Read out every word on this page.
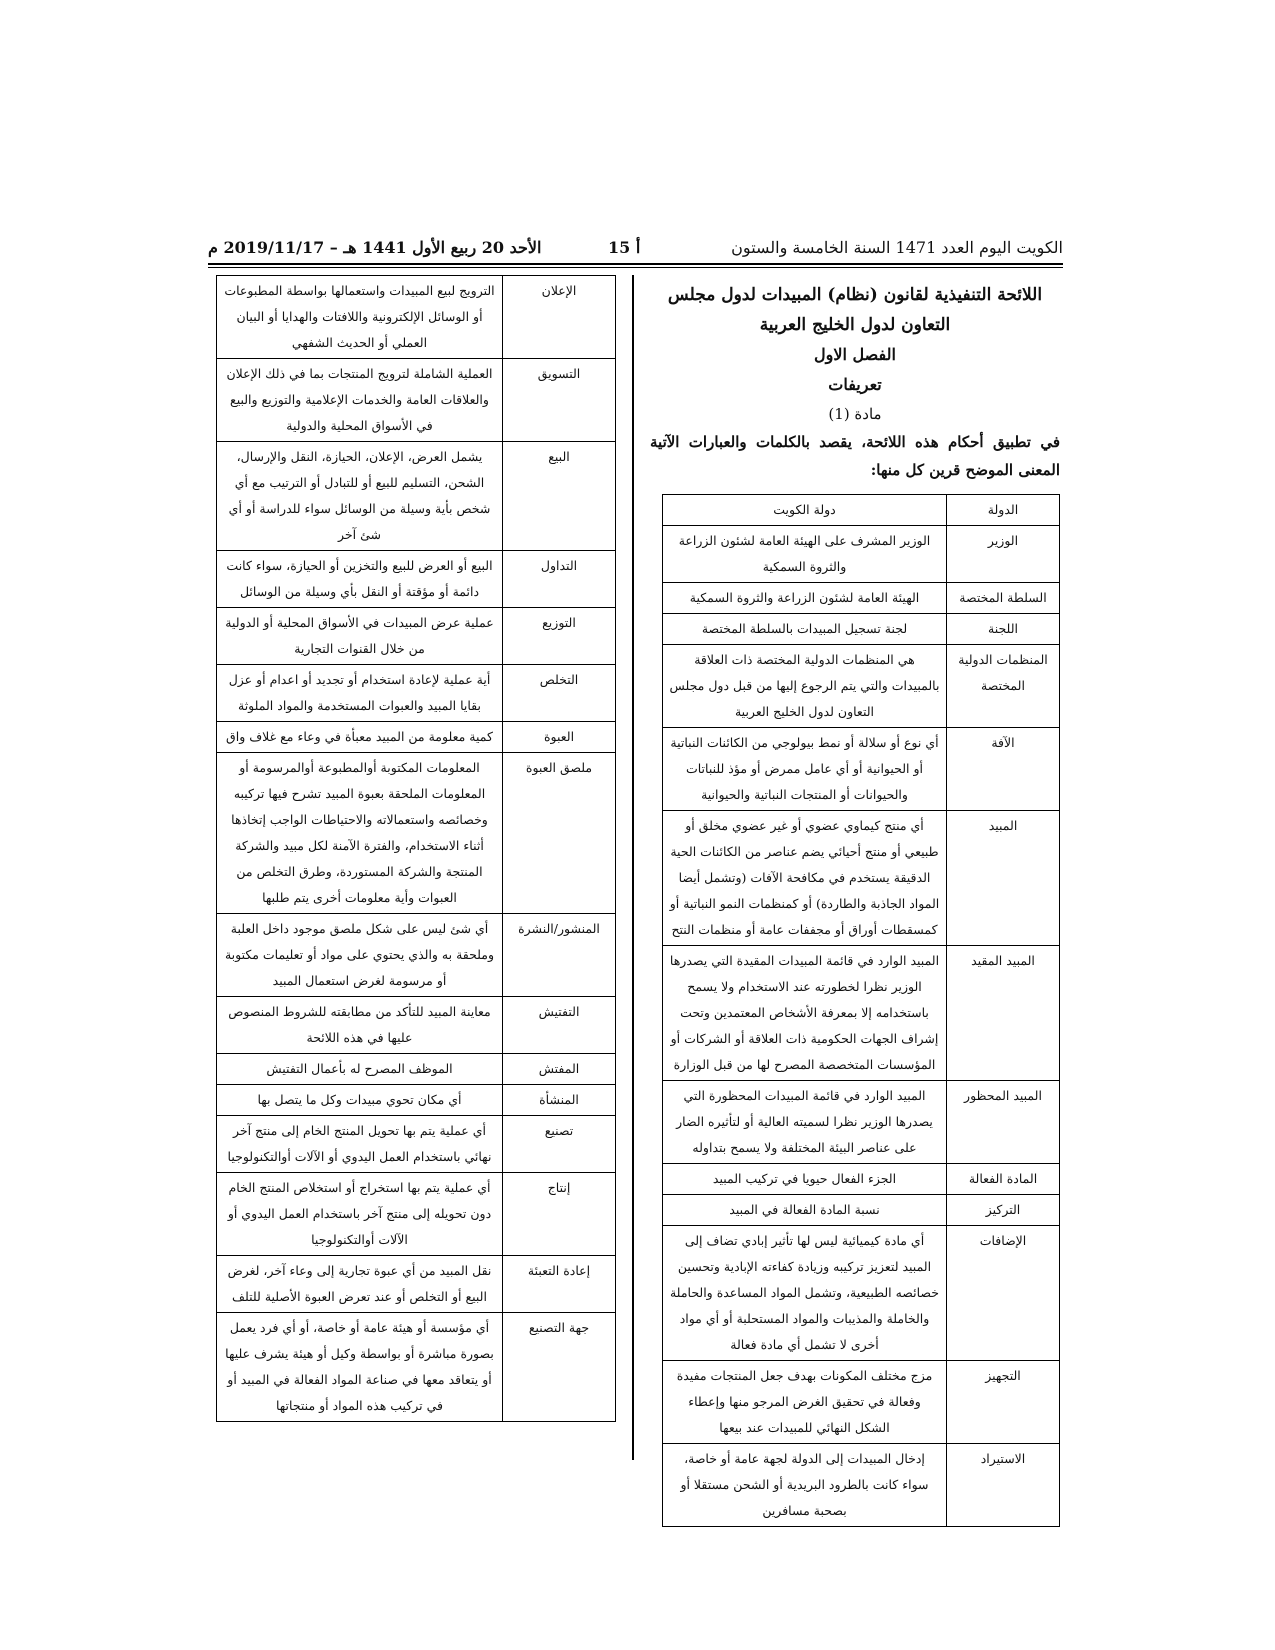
الكويت اليوم العدد 1471 السنة الخامسة والستون
أ 15
الأحد 20 ربيع الأول 1441 هـ – 2019/11/17 م

اللائحة التنفيذية لقانون (نظام) المبيدات لدول مجلس

التعاون لدول الخليج العربية

الفصل الاول

تعريفات

مادة (1)

في تطبيق أحكام هذه اللائحة، يقصد بالكلمات والعبارات الآتية المعنى الموضح قرين كل منها:

الدولة	دولة الكويت
الوزير	الوزير المشرف على الهيئة العامة لشئون الزراعة والثروة السمكية
السلطة المختصة	الهيئة العامة لشئون الزراعة والثروة السمكية
اللجنة	لجنة تسجيل المبيدات بالسلطة المختصة
المنظمات الدولية المختصة	هي المنظمات الدولية المختصة ذات العلاقة بالمبيدات والتي يتم الرجوع إليها من قبل دول مجلس التعاون لدول الخليج العربية
الآفة	أي نوع أو سلالة أو نمط بيولوجي من الكائنات النباتية أو الحيوانية أو أي عامل ممرض أو مؤذ للنباتات والحيوانات أو المنتجات النباتية والحيوانية
المبيد	أي منتج كيماوي عضوي أو غير عضوي مخلق أو طبيعي أو منتج أحيائي يضم عناصر من الكائنات الحية الدقيقة يستخدم في مكافحة الآفات (وتشمل أيضا المواد الجاذبة والطاردة) أو كمنظمات النمو النباتية أو كمسقطات أوراق أو مجففات عامة أو منظمات النتح
المبيد المقيد	المبيد الوارد في قائمة المبيدات المقيدة التي يصدرها الوزير نظرا لخطورته عند الاستخدام ولا يسمح باستخدامه إلا بمعرفة الأشخاص المعتمدين وتحت إشراف الجهات الحكومية ذات العلاقة أو الشركات أو المؤسسات المتخصصة المصرح لها من قبل الوزارة
المبيد المحظور	المبيد الوارد في قائمة المبيدات المحظورة التي يصدرها الوزير نظرا لسميته العالية أو لتأثيره الضار على عناصر البيئة المختلفة ولا يسمح بتداوله
المادة الفعالة	الجزء الفعال حيويا في تركيب المبيد
التركيز	نسبة المادة الفعالة في المبيد
الإضافات	أي مادة كيميائية ليس لها تأثير إبادي تضاف إلى المبيد لتعزيز تركيبه وزيادة كفاءته الإبادية وتحسين خصائصه الطبيعية، وتشمل المواد المساعدة والحاملة والخاملة والمذيبات والمواد المستحلبة أو أي مواد أخرى لا تشمل أي مادة فعالة
التجهيز	مزج مختلف المكونات بهدف جعل المنتجات مفيدة وفعالة في تحقيق الغرض المرجو منها وإعطاء الشكل النهائي للمبيدات عند بيعها
الاستيراد	إدخال المبيدات إلى الدولة لجهة عامة أو خاصة، سواء كانت بالطرود البريدية أو الشحن مستقلا أو بصحبة مسافرين
الإعلان	الترويج لبيع المبيدات واستعمالها بواسطة المطبوعات أو الوسائل الإلكترونية واللافتات والهدايا أو البيان العملي أو الحديث الشفهي
التسويق	العملية الشاملة لترويج المنتجات بما في ذلك الإعلان والعلاقات العامة والخدمات الإعلامية والتوزيع والبيع في الأسواق المحلية والدولية
البيع	يشمل العرض، الإعلان، الحيازة، النقل والإرسال، الشحن، التسليم للبيع أو للتبادل أو الترتيب مع أي شخص بأية وسيلة من الوسائل سواء للدراسة أو أي شئ آخر
التداول	البيع أو العرض للبيع والتخزين أو الحيازة، سواء كانت دائمة أو مؤقتة أو النقل بأي وسيلة من الوسائل
التوزيع	عملية عرض المبيدات في الأسواق المحلية أو الدولية من خلال القنوات التجارية
التخلص	أية عملية لإعادة استخدام أو تجديد أو اعدام أو عزل بقايا المبيد والعبوات المستخدمة والمواد الملوثة
العبوة	كمية معلومة من المبيد معبأة في وعاء مع غلاف واق
ملصق العبوة	المعلومات المكتوبة أوالمطبوعة أوالمرسومة أو المعلومات الملحقة بعبوة المبيد تشرح فيها تركيبه وخصائصه واستعمالاته والاحتياطات الواجب إتخاذها أثناء الاستخدام، والفترة الآمنة لكل مبيد والشركة المنتجة والشركة المستوردة، وطرق التخلص من العبوات وأية معلومات أخرى يتم طلبها
المنشور/النشرة	أي شئ ليس على شكل ملصق موجود داخل العلبة وملحقة به والذي يحتوي على مواد أو تعليمات مكتوبة أو مرسومة لغرض استعمال المبيد
التفتيش	معاينة المبيد للتأكد من مطابقته للشروط المنصوص عليها في هذه اللائحة
المفتش	الموظف المصرح له بأعمال التفتيش
المنشأة	أي مكان تحوي مبيدات وكل ما يتصل بها
تصنيع	أي عملية يتم بها تحويل المنتج الخام إلى منتج آخر نهائي باستخدام العمل اليدوي أو الآلات أوالتكنولوجيا
إنتاج	أي عملية يتم بها استخراج أو استخلاص المنتج الخام دون تحويله إلى منتج آخر باستخدام العمل اليدوي أو الآلات أوالتكنولوجيا
إعادة التعبئة	نقل المبيد من أي عبوة تجارية إلى وعاء آخر، لغرض البيع أو التخلص أو عند تعرض العبوة الأصلية للتلف
جهة التصنيع	أي مؤسسة أو هيئة عامة أو خاصة، أو أي فرد يعمل بصورة مباشرة أو بواسطة وكيل أو هيئة يشرف عليها أو يتعاقد معها في صناعة المواد الفعالة في المبيد أو في تركيب هذه المواد أو منتجاتها
